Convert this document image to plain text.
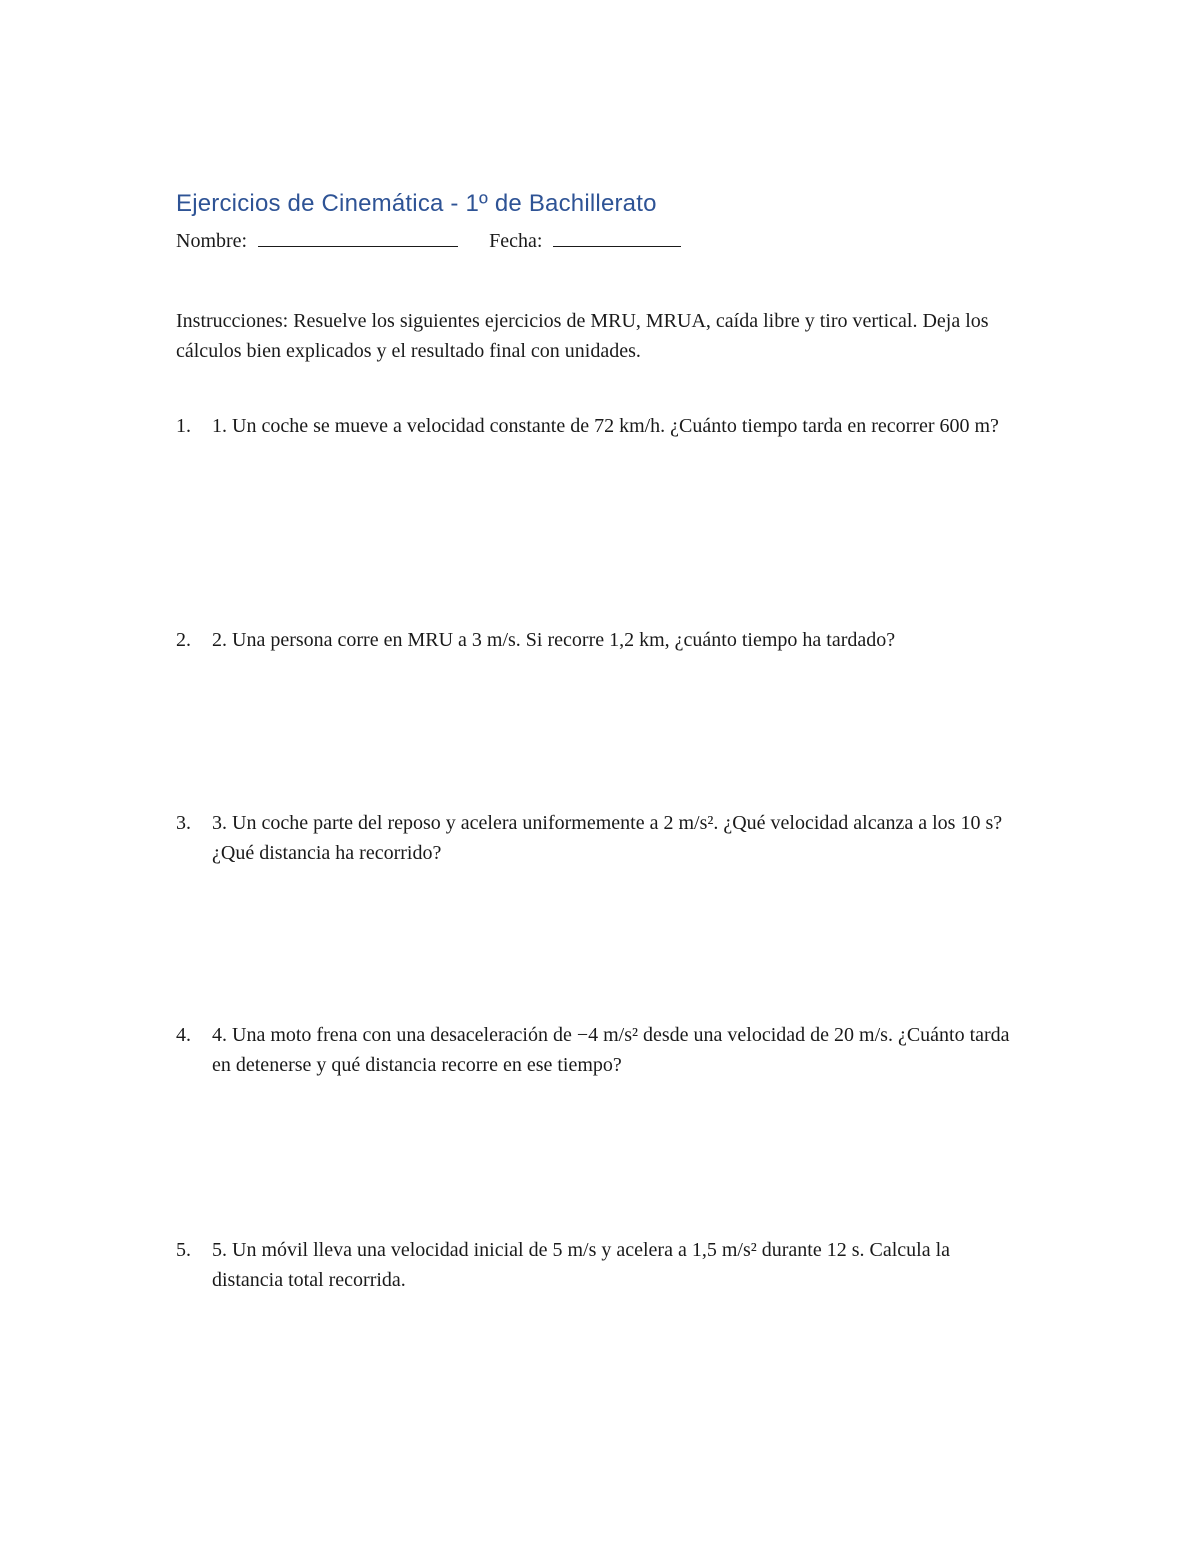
Ejercicios de Cinemática - 1º de Bachillerato
Nombre:	Fecha:

Instrucciones: Resuelve los siguientes ejercicios de MRU, MRUA, caída libre y tiro vertical. Deja los cálculos bien explicados y el resultado final con unidades.

1.	1. Un coche se mueve a velocidad constante de 72 km/h. ¿Cuánto tiempo tarda en recorrer 600 m?
2.	2. Una persona corre en MRU a 3 m/s. Si recorre 1,2 km, ¿cuánto tiempo ha tardado?
3.	3. Un coche parte del reposo y acelera uniformemente a 2 m/s². ¿Qué velocidad alcanza a los 10 s? ¿Qué distancia ha recorrido?
4.	4. Una moto frena con una desaceleración de −4 m/s² desde una velocidad de 20 m/s. ¿Cuánto tarda en detenerse y qué distancia recorre en ese tiempo?
5.	5. Un móvil lleva una velocidad inicial de 5 m/s y acelera a 1,5 m/s² durante 12 s. Calcula la distancia total recorrida.
